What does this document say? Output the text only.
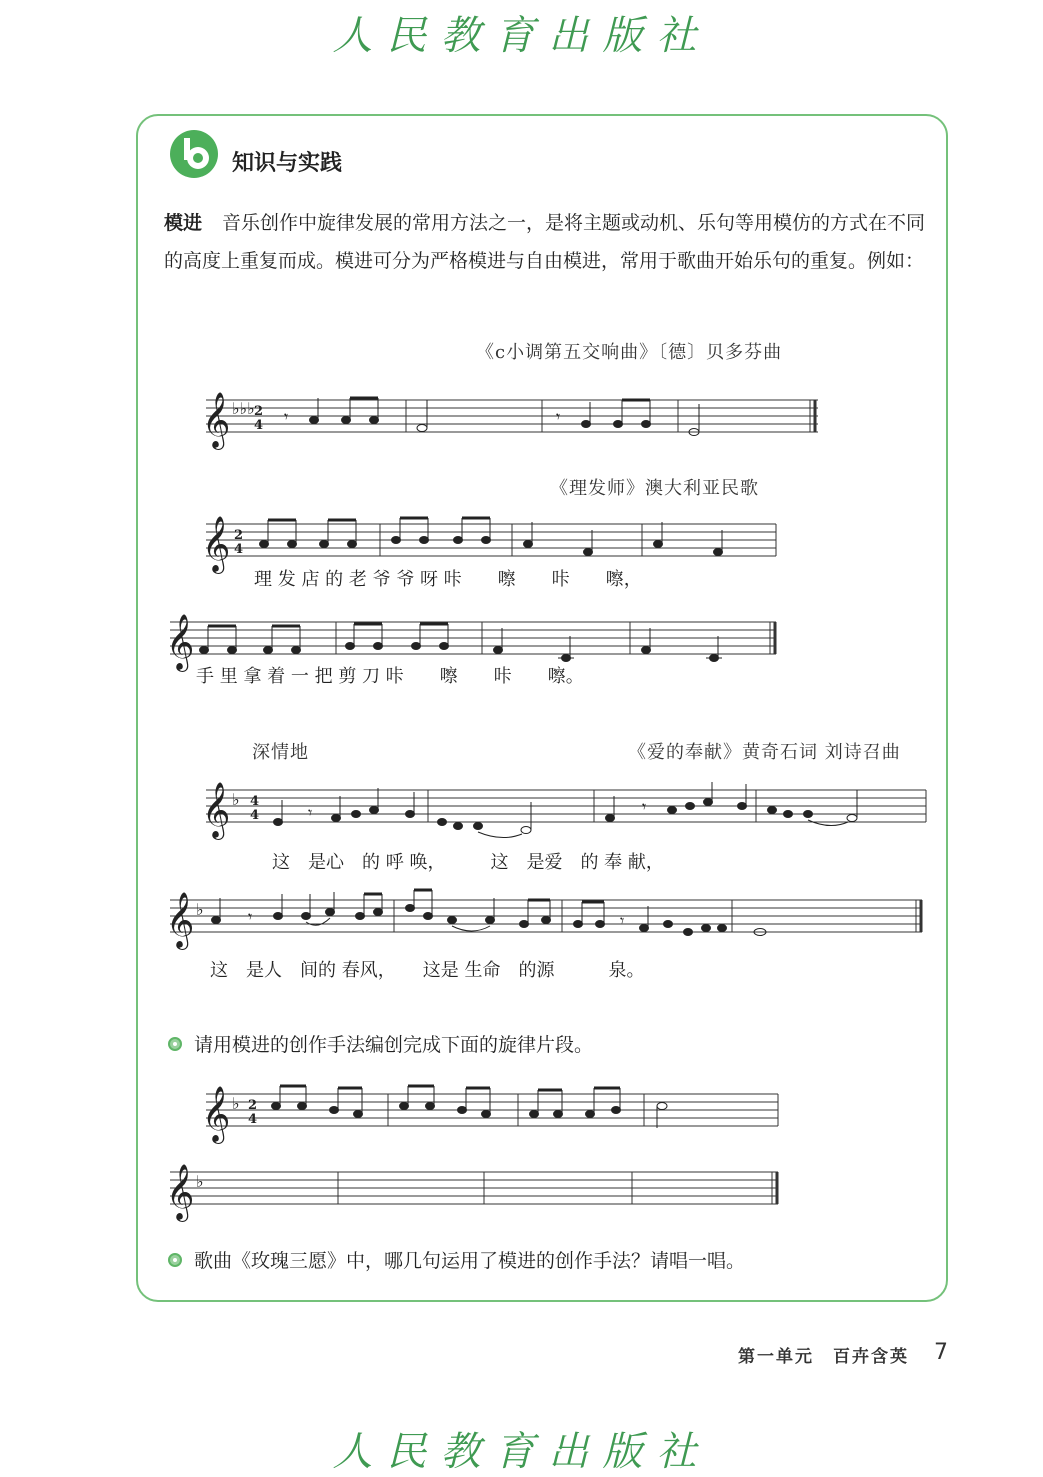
人民教育出版社
知识与实践
模进 音乐创作中旋律发展的常用方法之一，是将主题或动机、乐句等用模仿的方式在不同的高度上重复而成。模进可分为严格模进与自由模进，常用于歌曲开始乐句的重复。例如：
《c小调第五交响曲》〔德〕贝多芬曲
𝄞 ♭♭♭ 2
4 𝄾	𝄾
《理发师》澳大利亚民歌
𝄞 2
4
理 发 店 的 老 爷 爷 呀 咔　　嚓　　咔　　嚓，
𝄞
手 里 拿 着 一 把 剪 刀 咔　　嚓　　咔　　嚓。
深情地	《爱的奉献》黄奇石词 刘诗召曲
𝄞 ♭ 4
4	𝄾	𝄾
这　是心　的 呼 唤，　　　这　是爱　的 奉 献，
𝄞 ♭	𝄾	𝄾
这　是人　间的 春风，　　这是 生命　的源　　　泉。
请用模进的创作手法编创完成下面的旋律片段。
𝄞 ♭ 2
4
𝄞 ♭
歌曲《玫瑰三愿》中，哪几句运用了模进的创作手法？请唱一唱。
第一单元　 百卉含英 7
人民教育出版社
